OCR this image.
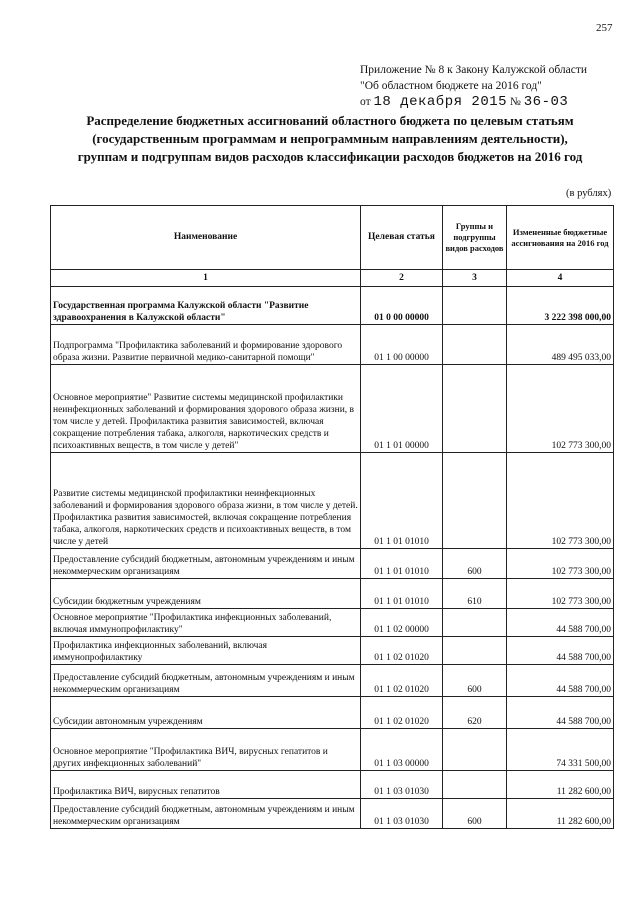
257
Приложение № 8 к Закону Калужской области
"Об областном бюджете на 2016 год"
от 18 декабря 2015 № 36-03
Распределение бюджетных ассигнований областного бюджета по целевым статьям
(государственным программам и непрограммным направлениям деятельности),
группам и подгруппам видов расходов классификации расходов бюджетов на 2016 год
(в рублях)
Наименование	Целевая статья	Группы и подгруппы видов расходов	Измененные бюджетные ассигнования на 2016 год
1	2	3	4
Государственная программа Калужской области "Развитие здравоохранения в Калужской области"	01 0 00 00000		3 222 398 000,00
Подпрограмма "Профилактика заболеваний и формирование здорового образа жизни. Развитие первичной медико-санитарной помощи"	01 1 00 00000		489 495 033,00
Основное мероприятие" Развитие системы медицинской профилактики неинфекционных заболеваний и формирования здорового образа жизни, в том числе у детей. Профилактика развития зависимостей, включая сокращение потребления табака, алкоголя, наркотических средств и психоактивных веществ, в том числе у детей"	01 1 01 00000		102 773 300,00
Развитие системы медицинской профилактики неинфекционных заболеваний и формирования здорового образа жизни, в том числе у детей. Профилактика развития зависимостей, включая сокращение потребления табака, алкоголя, наркотических средств и психоактивных веществ, в том числе у детей	01 1 01 01010		102 773 300,00
Предоставление субсидий бюджетным, автономным учреждениям и иным некоммерческим организациям	01 1 01 01010	600	102 773 300,00
Субсидии бюджетным учреждениям	01 1 01 01010	610	102 773 300,00
Основное мероприятие "Профилактика инфекционных заболеваний, включая иммунопрофилактику"	01 1 02 00000		44 588 700,00
Профилактика инфекционных заболеваний, включая иммунопрофилактику	01 1 02 01020		44 588 700,00
Предоставление субсидий бюджетным, автономным учреждениям и иным некоммерческим организациям	01 1 02 01020	600	44 588 700,00
Субсидии автономным учреждениям	01 1 02 01020	620	44 588 700,00
Основное мероприятие "Профилактика ВИЧ, вирусных гепатитов и других инфекционных заболеваний"	01 1 03 00000		74 331 500,00
Профилактика ВИЧ, вирусных гепатитов	01 1 03 01030		11 282 600,00
Предоставление субсидий бюджетным, автономным учреждениям и иным некоммерческим организациям	01 1 03 01030	600	11 282 600,00
